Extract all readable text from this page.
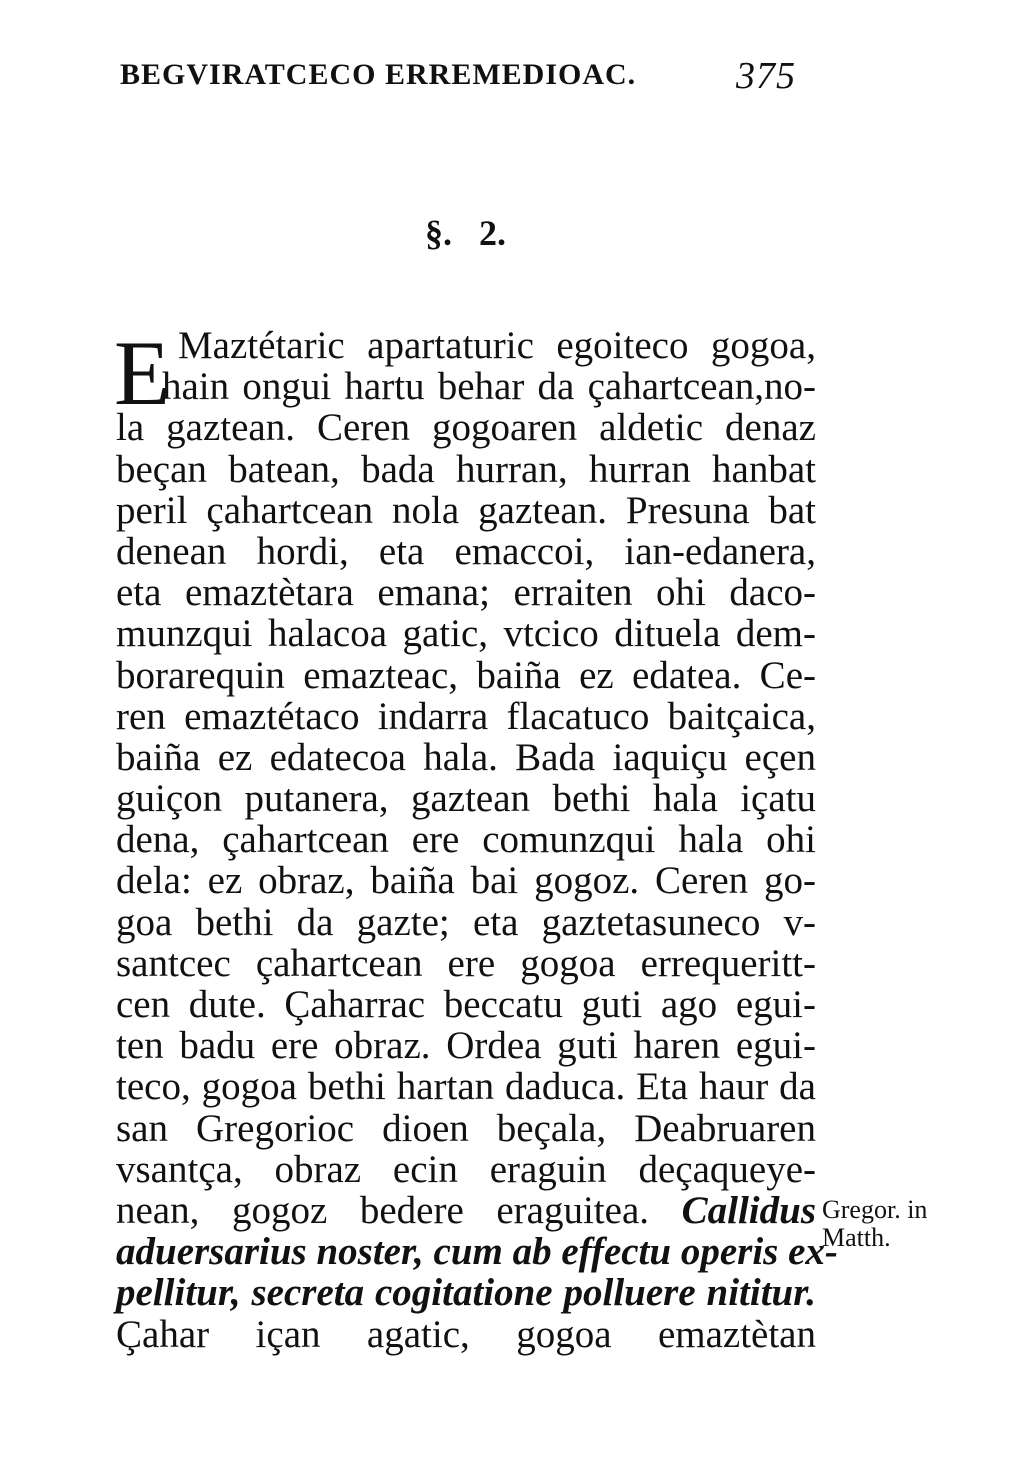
BEGVIRATCECO ERREMEDIOAC.	375
§. 2.
E Maztétaric apartaturic egoiteco gogoa,
hain ongui hartu behar da çahartcean,no-
la gaztean. Ceren gogoaren aldetic denaz
beçan batean, bada hurran, hurran hanbat
peril çahartcean nola gaztean. Presuna bat
denean hordi, eta emaccoi, ian-edanera,
eta emaztètara emana; erraiten ohi daco-
munzqui halacoa gatic, vtcico dituela dem-
borarequin emazteac, baiña ez edatea. Ce-
ren emaztétaco indarra flacatuco baitçaica,
baiña ez edatecoa hala. Bada iaquiçu eçen
guiçon putanera, gaztean bethi hala içatu
dena, çahartcean ere comunzqui hala ohi
dela: ez obraz, baiña bai gogoz. Ceren go-
goa bethi da gazte; eta gaztetasuneco v-
santcec çahartcean ere gogoa errequeritt-
cen dute. Çaharrac beccatu guti ago egui-
ten badu ere obraz. Ordea guti haren egui-
teco, gogoa bethi hartan daduca. Eta haur da
san Gregorioc dioen beçala, Deabruaren
vsantça, obraz ecin eraguin deçaqueye-
nean, gogoz bedere eraguitea. Callidus
aduersarius noster, cum ab effectu operis ex-
pellitur, secreta cogitatione polluere nititur.
Çahar içan agatic, gogoa emaztètan
Gregor. in
Matth.
